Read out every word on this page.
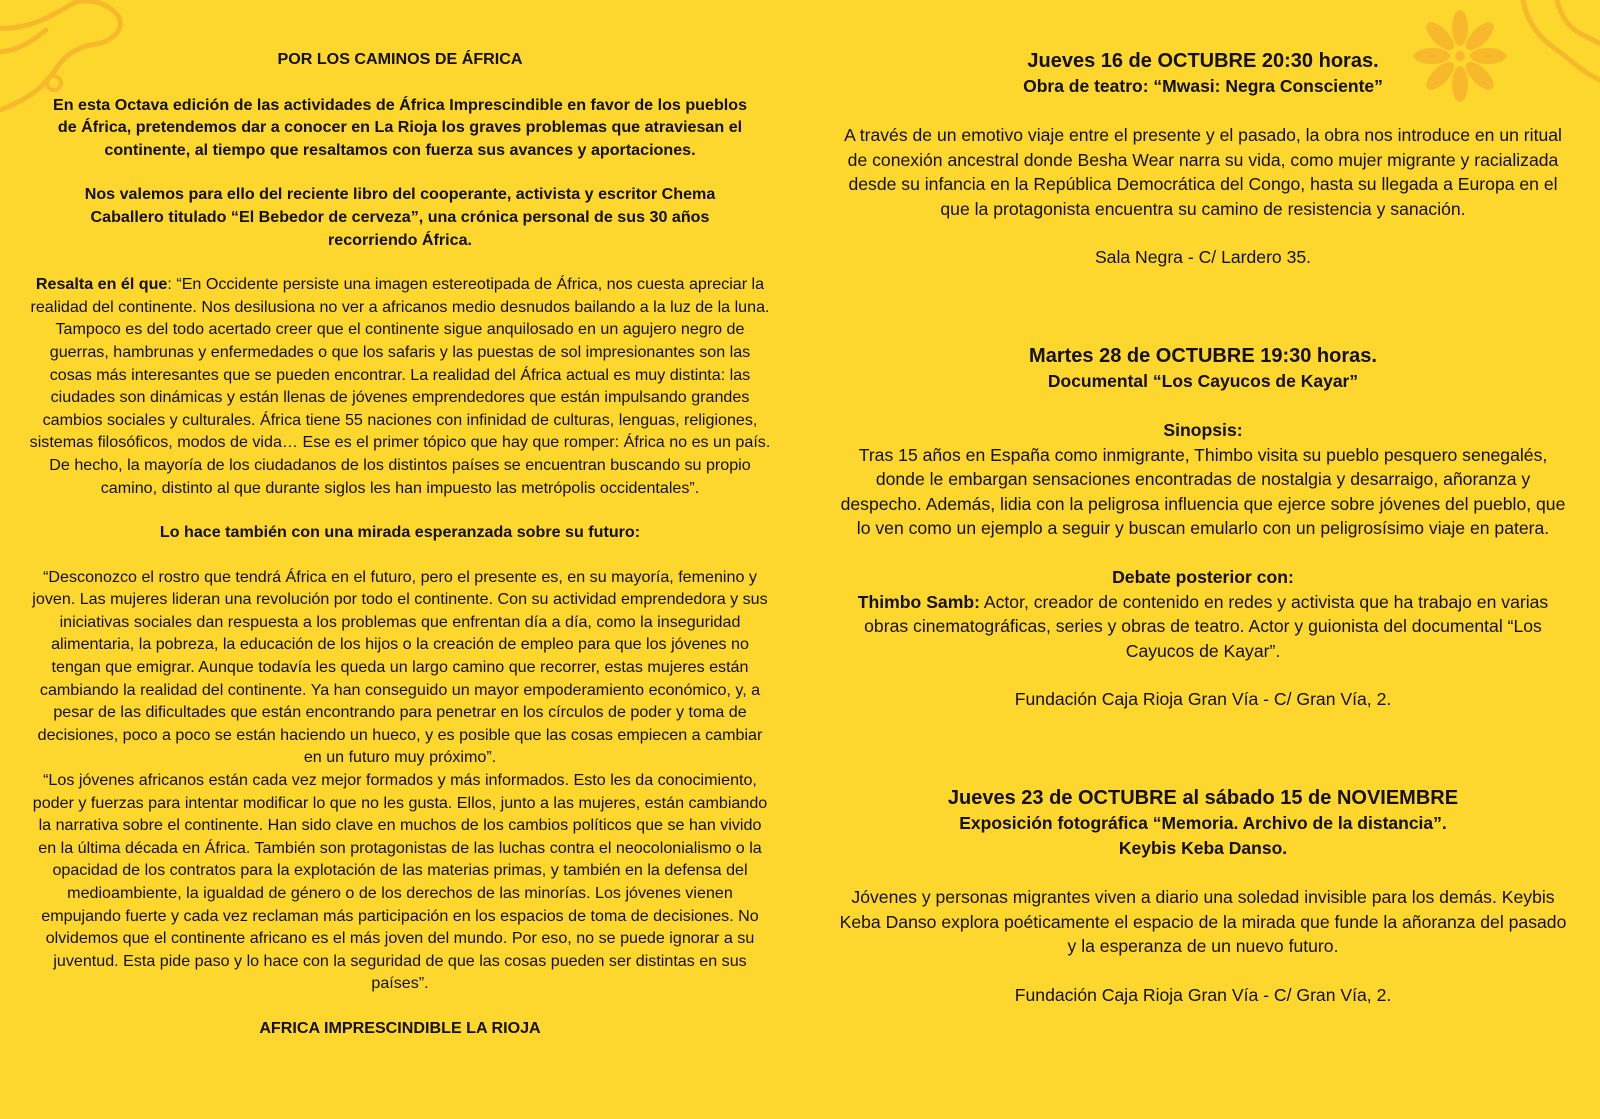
POR LOS CAMINOS DE ÁFRICA

En esta Octava edición de las actividades de África Imprescindible en favor de los pueblos de África, pretendemos dar a conocer en La Rioja los graves problemas que atraviesan el continente, al tiempo que resaltamos con fuerza sus avances y aportaciones.

Nos valemos para ello del reciente libro del cooperante, activista y escritor Chema Caballero titulado “El Bebedor de cerveza”, una crónica personal de sus 30 años recorriendo África.

Resalta en él que: “En Occidente persiste una imagen estereotipada de África, nos cuesta apreciar la realidad del continente. Nos desilusiona no ver a africanos medio desnudos bailando a la luz de la luna. Tampoco es del todo acertado creer que el continente sigue anquilosado en un agujero negro de guerras, hambrunas y enfermedades o que los safaris y las puestas de sol impresionantes son las cosas más interesantes que se pueden encontrar. La realidad del África actual es muy distinta: las ciudades son dinámicas y están llenas de jóvenes emprendedores que están impulsando grandes cambios sociales y culturales. África tiene 55 naciones con infinidad de culturas, lenguas, religiones, sistemas filosóficos, modos de vida… Ese es el primer tópico que hay que romper: África no es un país. De hecho, la mayoría de los ciudadanos de los distintos países se encuentran buscando su propio camino, distinto al que durante siglos les han impuesto las metrópolis occidentales”.

Lo hace también con una mirada esperanzada sobre su futuro:

“Desconozco el rostro que tendrá África en el futuro, pero el presente es, en su mayoría, femenino y joven. Las mujeres lideran una revolución por todo el continente. Con su actividad emprendedora y sus iniciativas sociales dan respuesta a los problemas que enfrentan día a día, como la inseguridad alimentaria, la pobreza, la educación de los hijos o la creación de empleo para que los jóvenes no tengan que emigrar. Aunque todavía les queda un largo camino que recorrer, estas mujeres están cambiando la realidad del continente. Ya han conseguido un mayor empoderamiento económico, y, a pesar de las dificultades que están encontrando para penetrar en los círculos de poder y toma de decisiones, poco a poco se están haciendo un hueco, y es posible que las cosas empiecen a cambiar en un futuro muy próximo”.

“Los jóvenes africanos están cada vez mejor formados y más informados. Esto les da conocimiento, poder y fuerzas para intentar modificar lo que no les gusta. Ellos, junto a las mujeres, están cambiando la narrativa sobre el continente. Han sido clave en muchos de los cambios políticos que se han vivido en la última década en África. También son protagonistas de las luchas contra el neocolonialismo o la opacidad de los contratos para la explotación de las materias primas, y también en la defensa del medioambiente, la igualdad de género o de los derechos de las minorías. Los jóvenes vienen empujando fuerte y cada vez reclaman más participación en los espacios de toma de decisiones. No olvidemos que el continente africano es el más joven del mundo. Por eso, no se puede ignorar a su juventud. Esta pide paso y lo hace con la seguridad de que las cosas pueden ser distintas en sus países”.

AFRICA IMPRESCINDIBLE LA RIOJA

Jueves 16 de OCTUBRE 20:30 horas.

Obra de teatro: “Mwasi: Negra Consciente”

A través de un emotivo viaje entre el presente y el pasado, la obra nos introduce en un ritual de conexión ancestral donde Besha Wear narra su vida, como mujer migrante y racializada desde su infancia en la República Democrática del Congo, hasta su llegada a Europa en el que la protagonista encuentra su camino de resistencia y sanación.

Sala Negra - C/ Lardero 35.

Martes 28 de OCTUBRE 19:30 horas.

Documental “Los Cayucos de Kayar”

Sinopsis:

Tras 15 años en España como inmigrante, Thimbo visita su pueblo pesquero senegalés, donde le embargan sensaciones encontradas de nostalgia y desarraigo, añoranza y despecho. Además, lidia con la peligrosa influencia que ejerce sobre jóvenes del pueblo, que lo ven como un ejemplo a seguir y buscan emularlo con un peligrosísimo viaje en patera.

Debate posterior con:

Thimbo Samb: Actor, creador de contenido en redes y activista que ha trabajo en varias obras cinematográficas, series y obras de teatro. Actor y guionista del documental “Los Cayucos de Kayar”.

Fundación Caja Rioja Gran Vía - C/ Gran Vía, 2.

Jueves 23 de OCTUBRE al sábado 15 de NOVIEMBRE

Exposición fotográfica “Memoria. Archivo de la distancia”.

Keybis Keba Danso.

Jóvenes y personas migrantes viven a diario una soledad invisible para los demás. Keybis Keba Danso explora poéticamente el espacio de la mirada que funde la añoranza del pasado y la esperanza de un nuevo futuro.

Fundación Caja Rioja Gran Vía - C/ Gran Vía, 2.
